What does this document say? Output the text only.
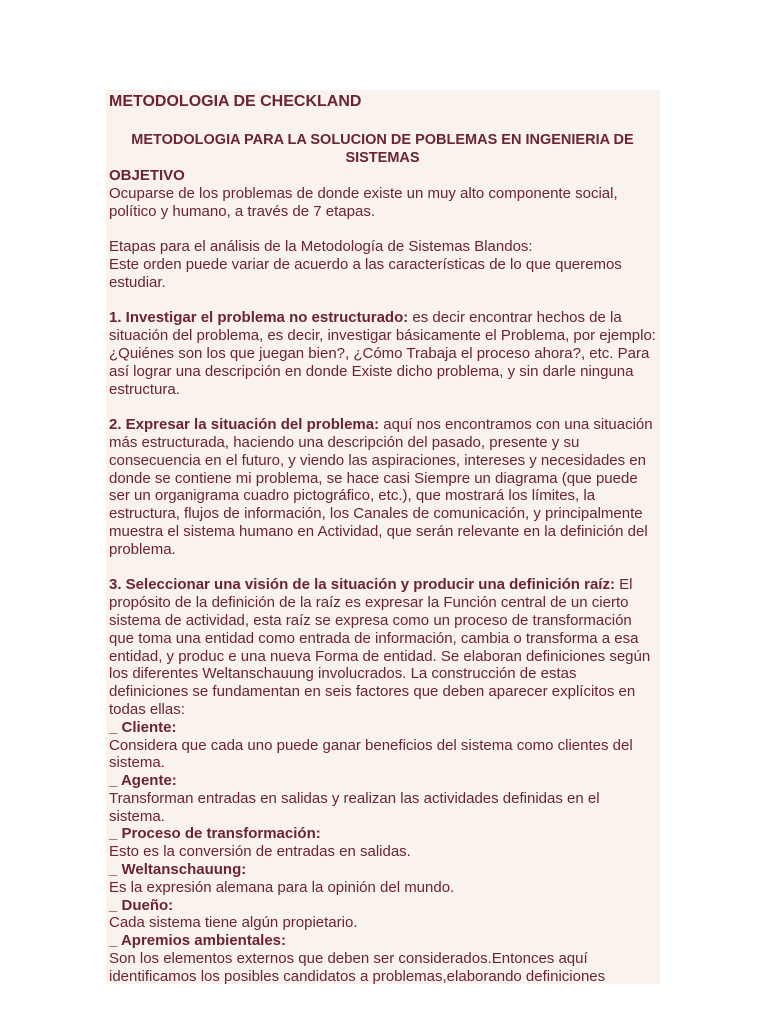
METODOLOGIA DE CHECKLAND
METODOLOGIA PARA LA SOLUCION DE POBLEMAS EN INGENIERIA DE SISTEMAS
OBJETIVO

Ocuparse de los problemas de donde existe un muy alto componente social, político y humano, a través de 7 etapas.

Etapas para el análisis de la Metodología de Sistemas Blandos:

Este orden puede variar de acuerdo a las características de lo que queremos estudiar.

1. Investigar el problema no estructurado: es decir encontrar hechos de la situación del problema, es decir, investigar básicamente el Problema, por ejemplo: ¿Quiénes son los que juegan bien?, ¿Cómo Trabaja el proceso ahora?, etc. Para así lograr una descripción en donde Existe dicho problema, y sin darle ninguna estructura.

2. Expresar la situación del problema: aquí nos encontramos con una situación más estructurada, haciendo una descripción del pasado, presente y su consecuencia en el futuro, y viendo las aspiraciones, intereses y necesidades en donde se contiene mi problema, se hace casi Siempre un diagrama (que puede ser un organigrama cuadro pictográfico, etc.), que mostrará los límites, la estructura, flujos de información, los Canales de comunicación, y principalmente muestra el sistema humano en Actividad, que serán relevante en la definición del problema.

3. Seleccionar una visión de la situación y producir una definición raíz: El propósito de la definición de la raíz es expresar la Función central de un cierto sistema de actividad, esta raíz se expresa como un proceso de transformación que toma una entidad como entrada de información, cambia o transforma a esa entidad, y produc e una nueva Forma de entidad. Se elaboran definiciones según los diferentes Weltanschauung involucrados. La construcción de estas definiciones se fundamentan en seis factores que deben aparecer explícitos en todas ellas:

_ Cliente:

Considera que cada uno puede ganar beneficios del sistema como clientes del sistema.

_ Agente:

Transforman entradas en salidas y realizan las actividades definidas en el sistema.

_ Proceso de transformación:

Esto es la conversión de entradas en salidas.

_ Weltanschauung:

Es la expresión alemana para la opinión del mundo.

_ Dueño:

Cada sistema tiene algún propietario.

_ Apremios ambientales:

Son los elementos externos que deben ser considerados.Entonces aquí identificamos los posibles candidatos a problemas,elaborando definiciones
